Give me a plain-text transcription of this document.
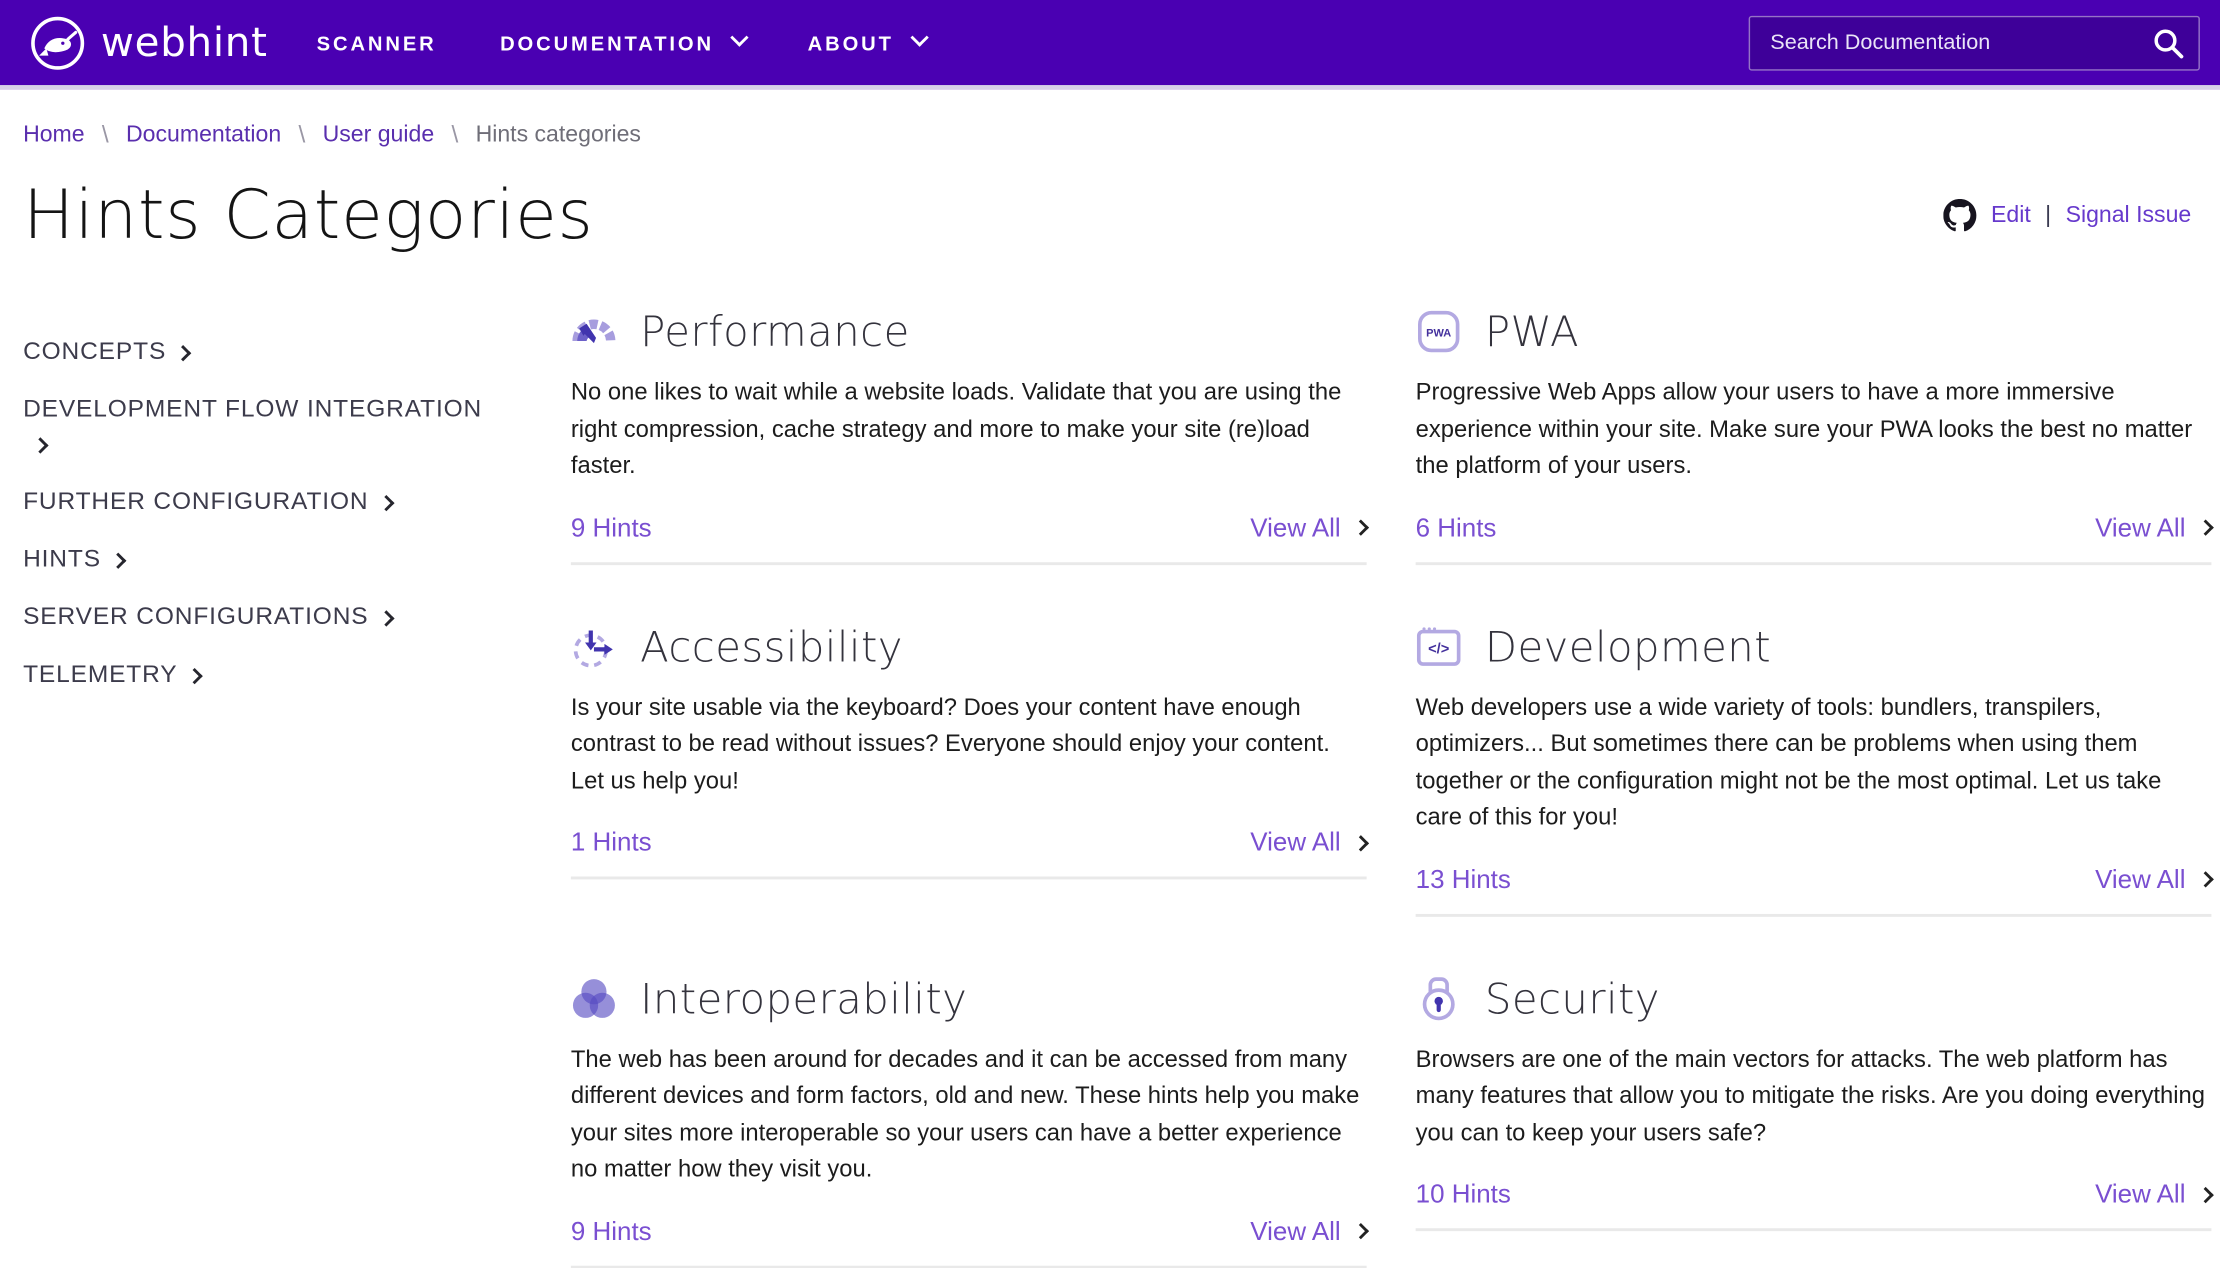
webhint	SCANNER	DOCUMENTATION	ABOUT
Search Documentation
Home \ Documentation \ User guide \ Hints categories
Hints Categories	Edit | Signal Issue
CONCEPTS
DEVELOPMENT FLOW INTEGRATION
FURTHER CONFIGURATION
HINTS
SERVER CONFIGURATIONS
TELEMETRY
Performance

No one likes to wait while a website loads. Validate that you are using the right compression, cache strategy and more to make your site (re)load faster.

9 Hints	View All
PWA PWA

Progressive Web Apps allow your users to have a more immersive experience within your site. Make sure your PWA looks the best no matter the platform of your users.

6 Hints	View All
Accessibility

Is your site usable via the keyboard? Does your content have enough contrast to be read without issues? Everyone should enjoy your content. Let us help you!

1 Hints	View All
</> Development

Web developers use a wide variety of tools: bundlers, transpilers, optimizers... But sometimes there can be problems when using them together or the configuration might not be the most optimal. Let us take care of this for you!

13 Hints	View All
Interoperability

The web has been around for decades and it can be accessed from many different devices and form factors, old and new. These hints help you make your sites more interoperable so your users can have a better experience no matter how they visit you.

9 Hints	View All
Security

Browsers are one of the main vectors for attacks. The web platform has many features that allow you to mitigate the risks. Are you doing everything you can to keep your users safe?

10 Hints	View All
